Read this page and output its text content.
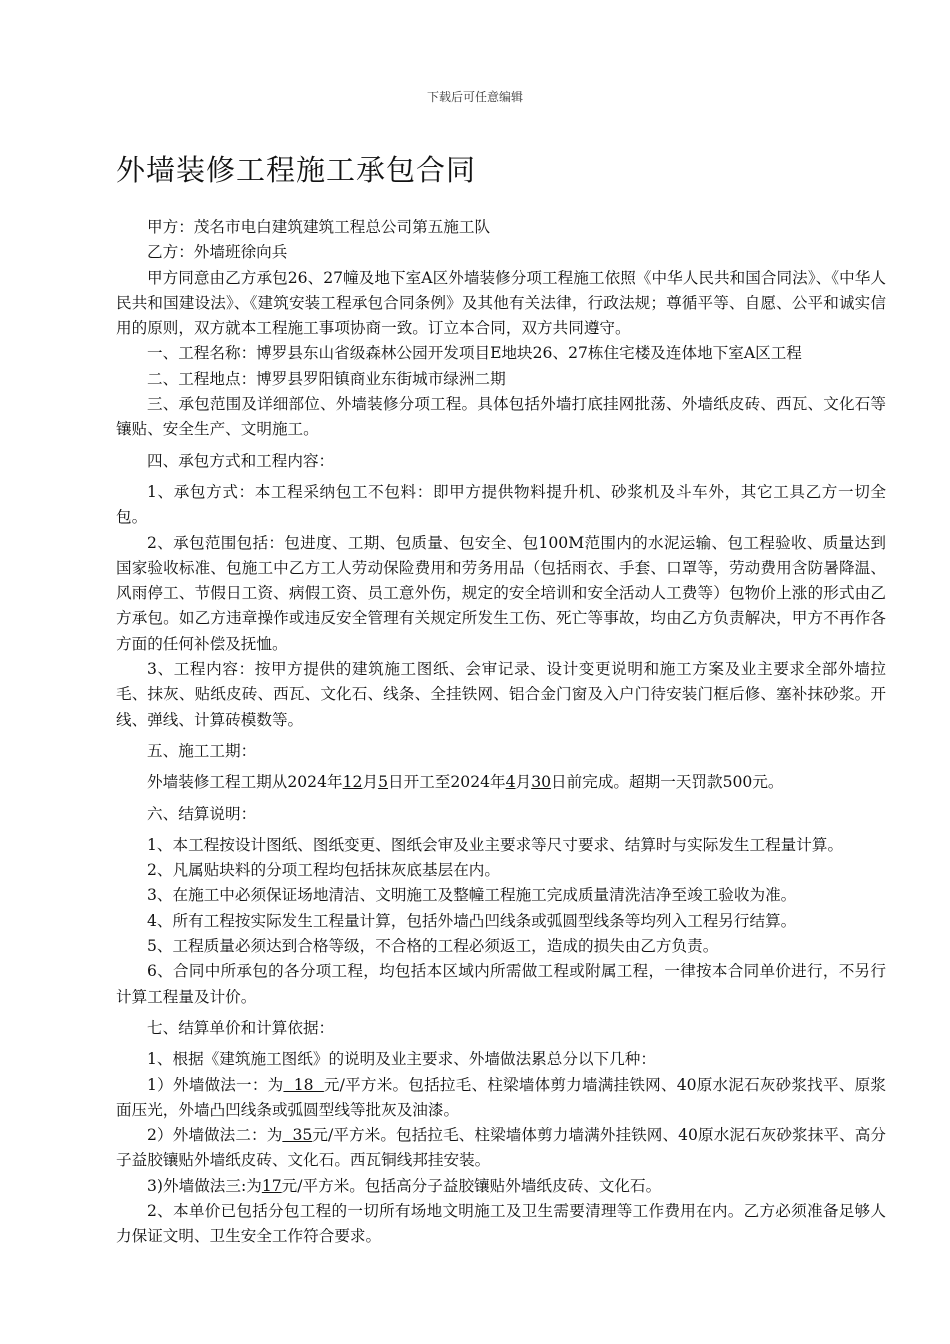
下载后可任意编辑
外墙装修工程施工承包合同

甲方：茂名市电白建筑建筑工程总公司第五施工队

乙方：外墙班徐向兵

甲方同意由乙方承包26、27幢及地下室A区外墙装修分项工程施工依照《中华人民共和国合同法》、《中华人民共和国建设法》、《建筑安装工程承包合同条例》及其他有关法律，行政法规；尊循平等、自愿、公平和诚实信用的原则，双方就本工程施工事项协商一致。订立本合同，双方共同遵守。

一、工程名称：博罗县东山省级森林公园开发项目E地块26、27栋住宅楼及连体地下室A区工程

二、工程地点：博罗县罗阳镇商业东街城市绿洲二期

三、承包范围及详细部位、外墙装修分项工程。具体包括外墙打底挂网批荡、外墙纸皮砖、西瓦、文化石等镶贴、安全生产、文明施工。

四、承包方式和工程内容：

1、承包方式：本工程采纳包工不包料：即甲方提供物料提升机、砂浆机及斗车外，其它工具乙方一切全包。

2、承包范围包括：包进度、工期、包质量、包安全、包100M范围内的水泥运输、包工程验收、质量达到国家验收标准、包施工中乙方工人劳动保险费用和劳务用品（包括雨衣、手套、口罩等，劳动费用含防暑降温、风雨停工、节假日工资、病假工资、员工意外伤，规定的安全培训和安全活动人工费等）包物价上涨的形式由乙方承包。如乙方违章操作或违反安全管理有关规定所发生工伤、死亡等事故，均由乙方负责解决，甲方不再作各方面的任何补偿及抚恤。

3、工程内容：按甲方提供的建筑施工图纸、会审记录、设计变更说明和施工方案及业主要求全部外墙拉毛、抹灰、贴纸皮砖、西瓦、文化石、线条、全挂铁网、铝合金门窗及入户门待安装门框后修、塞补抹砂浆。开线、弹线、计算砖模数等。

五、施工工期：

外墙装修工程工期从2024年12月5日开工至2024年4月30日前完成。超期一天罚款500元。

六、结算说明：

1、本工程按设计图纸、图纸变更、图纸会审及业主要求等尺寸要求、结算时与实际发生工程量计算。

2、凡属贴块料的分项工程均包括抹灰底基层在内。

3、在施工中必须保证场地清洁、文明施工及整幢工程施工完成质量清洗洁净至竣工验收为准。

4、所有工程按实际发生工程量计算，包括外墙凸凹线条或弧圆型线条等均列入工程另行结算。

5、工程质量必须达到合格等级，不合格的工程必须返工，造成的损失由乙方负责。

6、合同中所承包的各分项工程，均包括本区域内所需做工程或附属工程，一律按本合同单价进行，不另行计算工程量及计价。

七、结算单价和计算依据：

1、根据《建筑施工图纸》的说明及业主要求、外墙做法累总分以下几种：

1）外墙做法一：为  18  元/平方米。包括拉毛、柱梁墙体剪力墙满挂铁网、40原水泥石灰砂浆找平、原浆面压光，外墙凸凹线条或弧圆型线等批灰及油漆。

2）外墙做法二：为  35元/平方米。包括拉毛、柱梁墙体剪力墙满外挂铁网、40原水泥石灰砂浆抹平、高分子益胶镶贴外墙纸皮砖、文化石。西瓦铜线邦挂安装。

3)外墙做法三:为17元/平方米。包括高分子益胶镶贴外墙纸皮砖、文化石。

2、本单价已包括分包工程的一切所有场地文明施工及卫生需要清理等工作费用在内。乙方必须准备足够人力保证文明、卫生安全工作符合要求。
